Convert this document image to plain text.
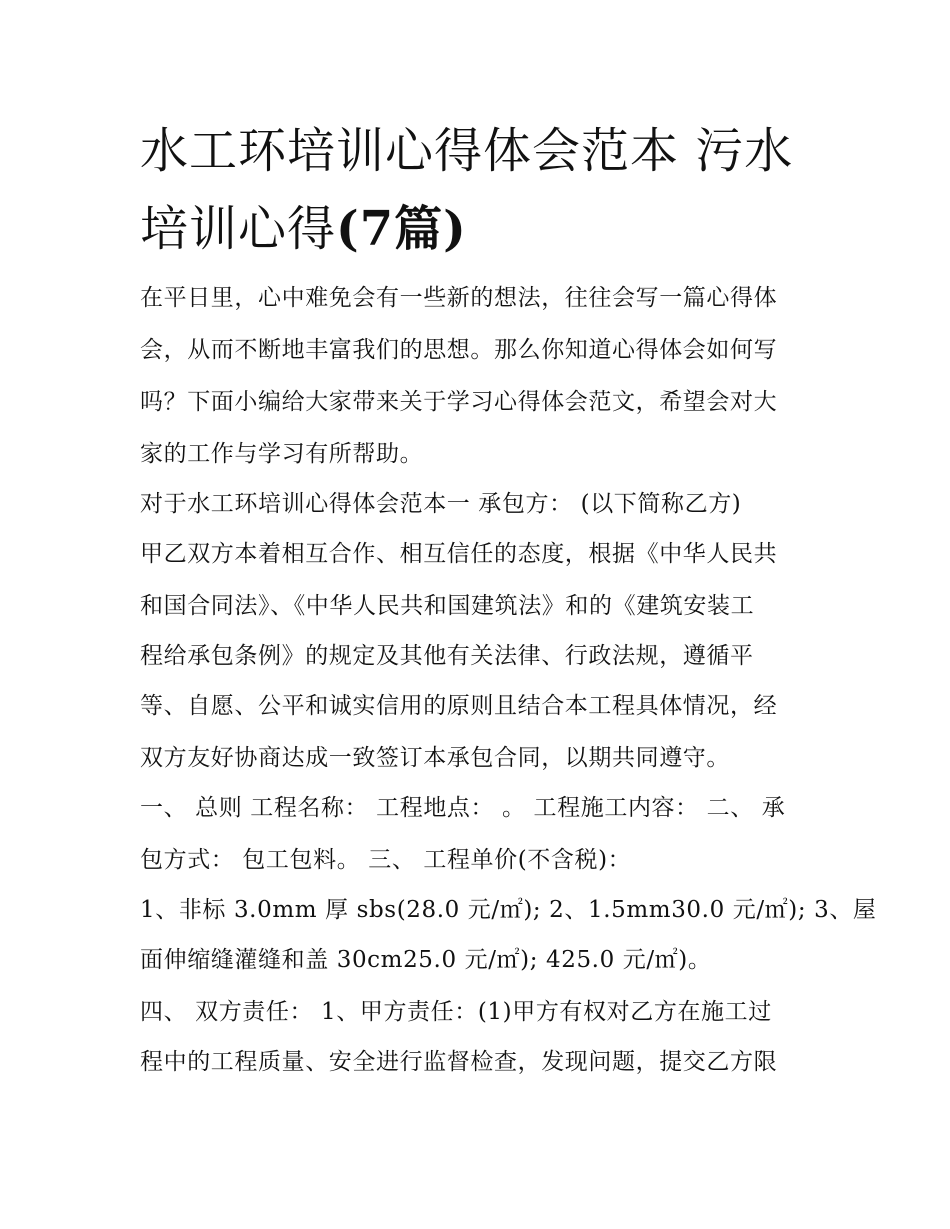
水工环培训心得体会范本 污水培训心得(7篇)

在平日里，心中难免会有一些新的想法，往往会写一篇心得体

会，从而不断地丰富我们的思想。那么你知道心得体会如何写

吗？下面小编给大家带来关于学习心得体会范文，希望会对大

家的工作与学习有所帮助。

对于水工环培训心得体会范本一 承包方： (以下简称乙方)

甲乙双方本着相互合作、相互信任的态度，根据《中华人民共

和国合同法》、《中华人民共和国建筑法》和的《建筑安装工

程给承包条例》的规定及其他有关法律、行政法规，遵循平

等、自愿、公平和诚实信用的原则且结合本工程具体情况，经

双方友好协商达成一致签订本承包合同，以期共同遵守。

一、 总则 工程名称： 工程地点： 。 工程施工内容： 二、 承

包方式： 包工包料。 三、 工程单价(不含税)：

1、非标 3.0mm 厚 sbs(28.0 元/㎡); 2、1.5mm30.0 元/㎡); 3、屋

面伸缩缝灌缝和盖 30cm25.0 元/㎡); 425.0 元/㎡)。

四、 双方责任： 1、甲方责任：(1)甲方有权对乙方在施工过

程中的工程质量、安全进行监督检查，发现问题，提交乙方限
